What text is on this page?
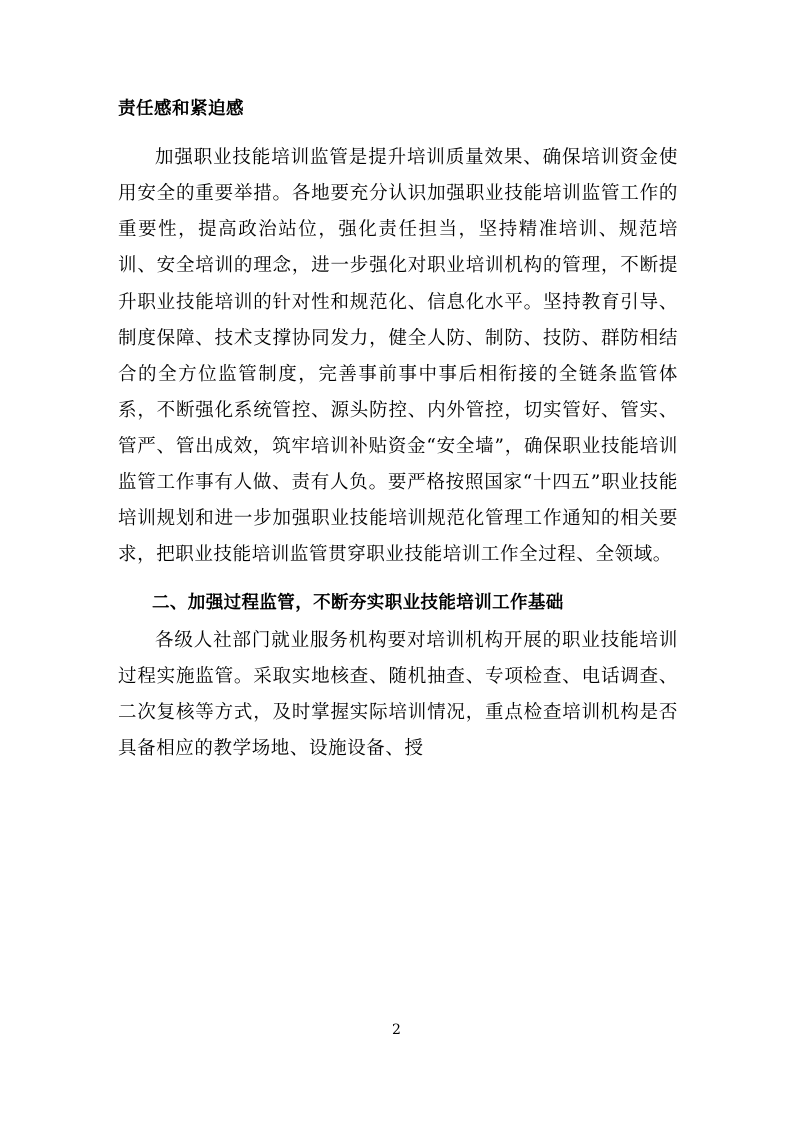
责任感和紧迫感

加强职业技能培训监管是提升培训质量效果、确保培训资金使用安全的重要举措。各地要充分认识加强职业技能培训监管工作的重要性，提高政治站位，强化责任担当，坚持精准培训、规范培训、安全培训的理念，进一步强化对职业培训机构的管理，不断提升职业技能培训的针对性和规范化、信息化水平。坚持教育引导、制度保障、技术支撑协同发力，健全人防、制防、技防、群防相结合的全方位监管制度，完善事前事中事后相衔接的全链条监管体系，不断强化系统管控、源头防控、内外管控，切实管好、管实、管严、管出成效，筑牢培训补贴资金“安全墙”，确保职业技能培训监管工作事有人做、责有人负。要严格按照国家“十四五”职业技能培训规划和进一步加强职业技能培训规范化管理工作通知的相关要求，把职业技能培训监管贯穿职业技能培训工作全过程、全领域。

二、加强过程监管，不断夯实职业技能培训工作基础

各级人社部门就业服务机构要对培训机构开展的职业技能培训过程实施监管。采取实地核查、随机抽查、专项检查、电话调查、二次复核等方式，及时掌握实际培训情况，重点检查培训机构是否具备相应的教学场地、设施设备、授

2
